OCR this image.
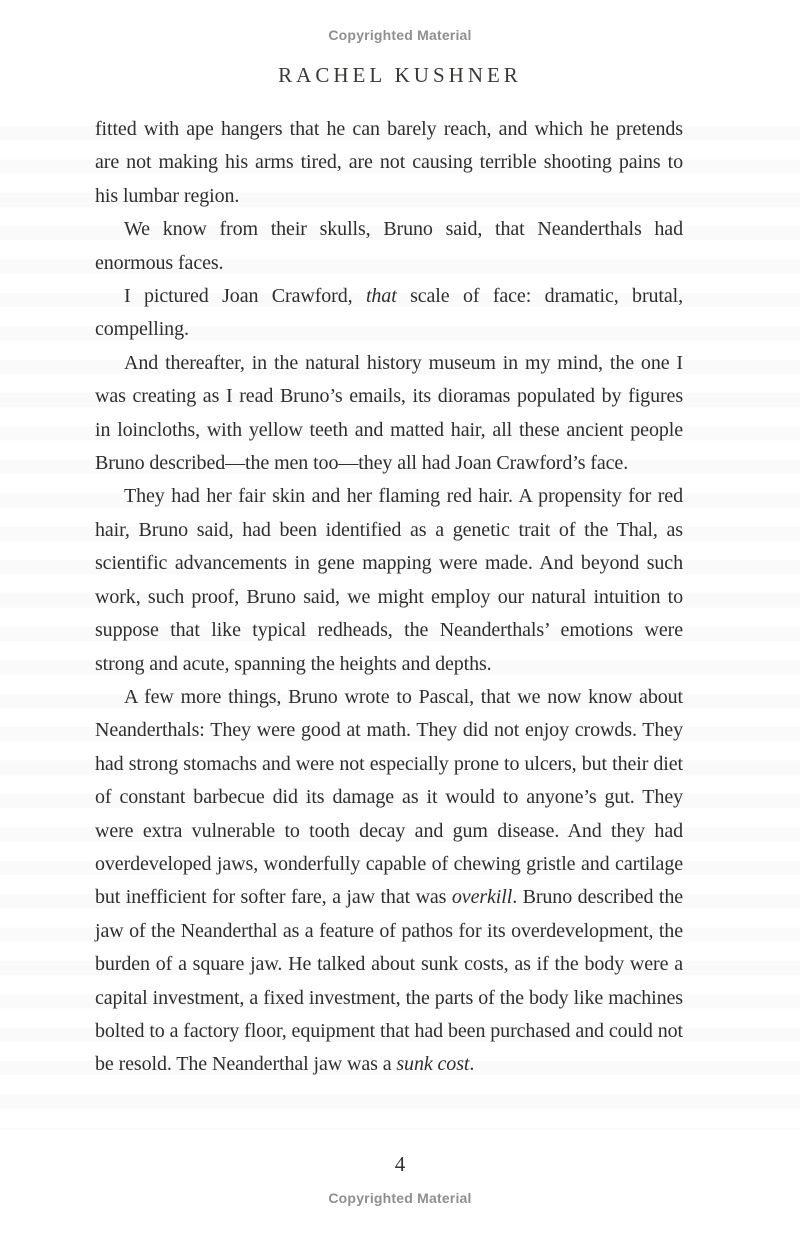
Copyrighted Material
RACHEL KUSHNER

fitted with ape hangers that he can barely reach, and which he pretends are not making his arms tired, are not causing terrible shooting pains to his lumbar region.

We know from their skulls, Bruno said, that Neanderthals had enormous faces.

I pictured Joan Crawford, that scale of face: dramatic, brutal, compelling.

And thereafter, in the natural history museum in my mind, the one I was creating as I read Bruno’s emails, its dioramas populated by figures in loincloths, with yellow teeth and matted hair, all these ancient people Bruno described—the men too—they all had Joan Crawford’s face.

They had her fair skin and her flaming red hair. A propensity for red hair, Bruno said, had been identified as a genetic trait of the Thal, as scientific advancements in gene mapping were made. And beyond such work, such proof, Bruno said, we might employ our natural intuition to suppose that like typical redheads, the Neanderthals’ emotions were strong and acute, spanning the heights and depths.

A few more things, Bruno wrote to Pascal, that we now know about Neanderthals: They were good at math. They did not enjoy crowds. They had strong stomachs and were not especially prone to ulcers, but their diet of constant barbecue did its damage as it would to anyone’s gut. They were extra vulnerable to tooth decay and gum disease. And they had overdeveloped jaws, wonderfully capable of chewing gristle and cartilage but inefficient for softer fare, a jaw that was overkill. Bruno described the jaw of the Neanderthal as a feature of pathos for its overdevelopment, the burden of a square jaw. He talked about sunk costs, as if the body were a capital investment, a fixed investment, the parts of the body like machines bolted to a factory floor, equipment that had been purchased and could not be resold. The Neanderthal jaw was a sunk cost.

4
Copyrighted Material
